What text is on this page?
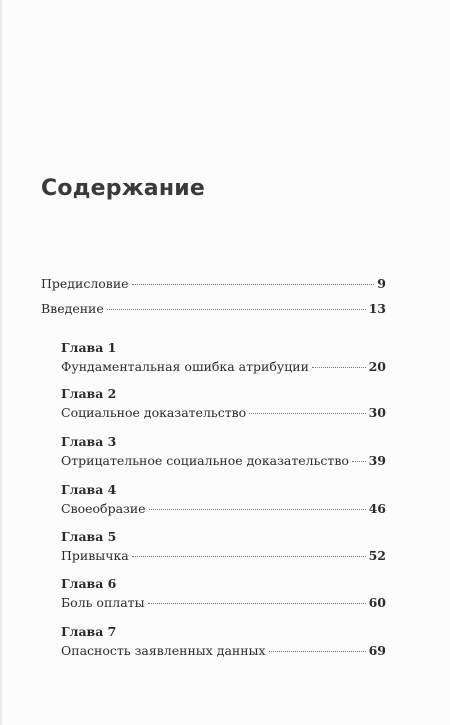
Содержание
Предисловие	9
Введение	13
Глава 1
Фундаментальная ошибка атрибуции	20
Глава 2
Социальное доказательство	30
Глава 3
Отрицательное социальное доказательство 39
Глава 4
Своеобразие	46
Глава 5
Привычка	52
Глава 6
Боль оплаты	60
Глава 7
Опасность заявленных данных	69
